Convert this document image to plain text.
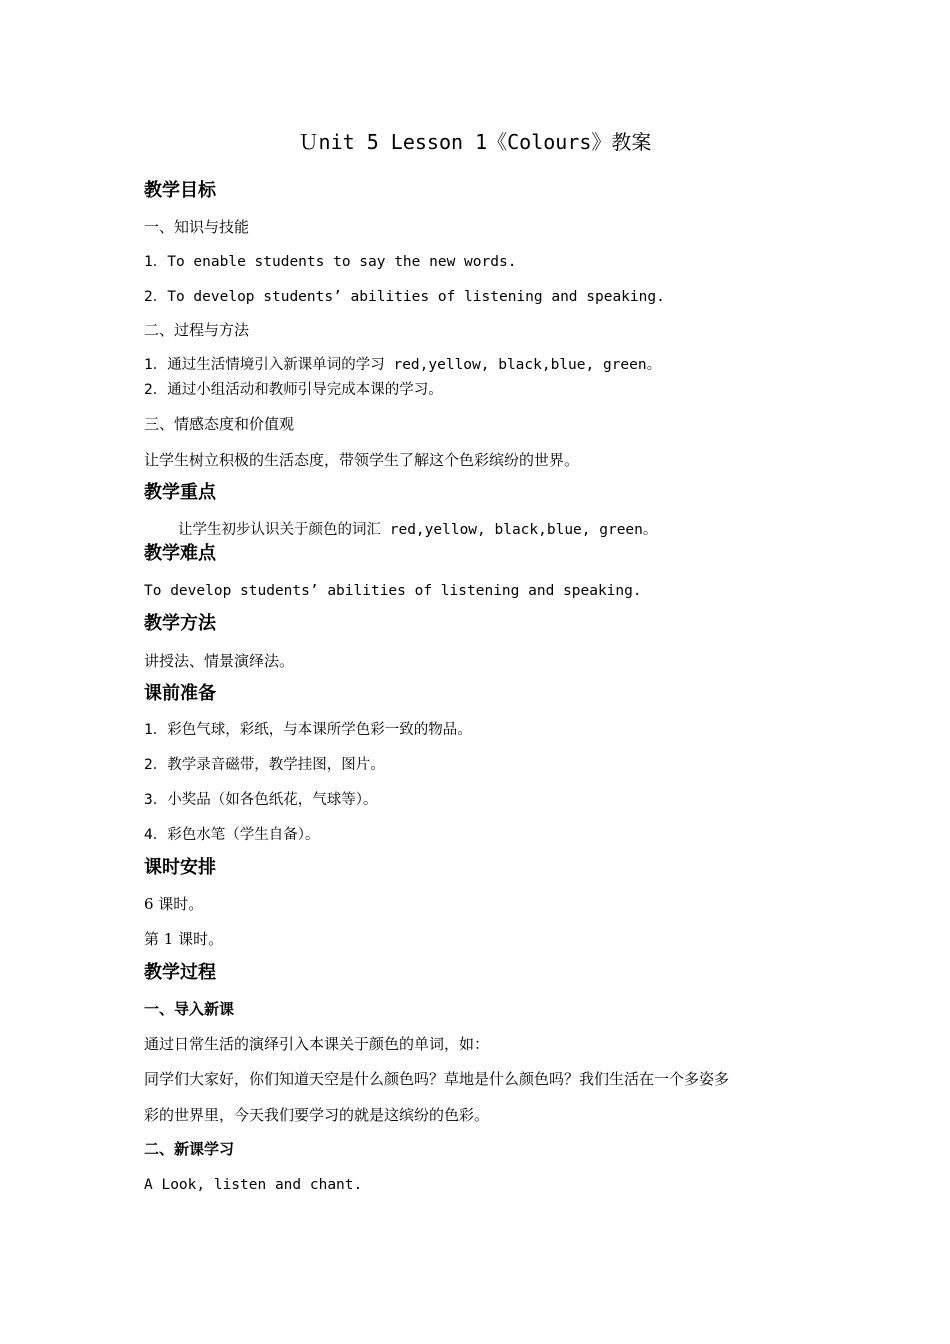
Ｕnit 5 Lesson 1《Colours》教案
教学目标
一、知识与技能
1．To enable students to say the new words.
2．To develop students’ abilities of listening and speaking.
二、过程与方法
1．通过生活情境引入新课单词的学习 red,yellow, black,blue, green。
2．通过小组活动和教师引导完成本课的学习。
三、情感态度和价值观
让学生树立积极的生活态度，带领学生了解这个色彩缤纷的世界。
教学重点
让学生初步认识关于颜色的词汇 red,yellow, black,blue, green。
教学难点
To develop students’ abilities of listening and speaking.
教学方法
讲授法、情景演绎法。
课前准备
1．彩色气球，彩纸，与本课所学色彩一致的物品。
2．教学录音磁带，教学挂图，图片。
3．小奖品（如各色纸花，气球等）。
4．彩色水笔（学生自备）。
课时安排
6 课时。
第 1 课时。
教学过程
一、导入新课
通过日常生活的演绎引入本课关于颜色的单词，如：
同学们大家好，你们知道天空是什么颜色吗？草地是什么颜色吗？我们生活在一个多姿多
彩的世界里，今天我们要学习的就是这缤纷的色彩。
二、新课学习
A Look, listen and chant.
